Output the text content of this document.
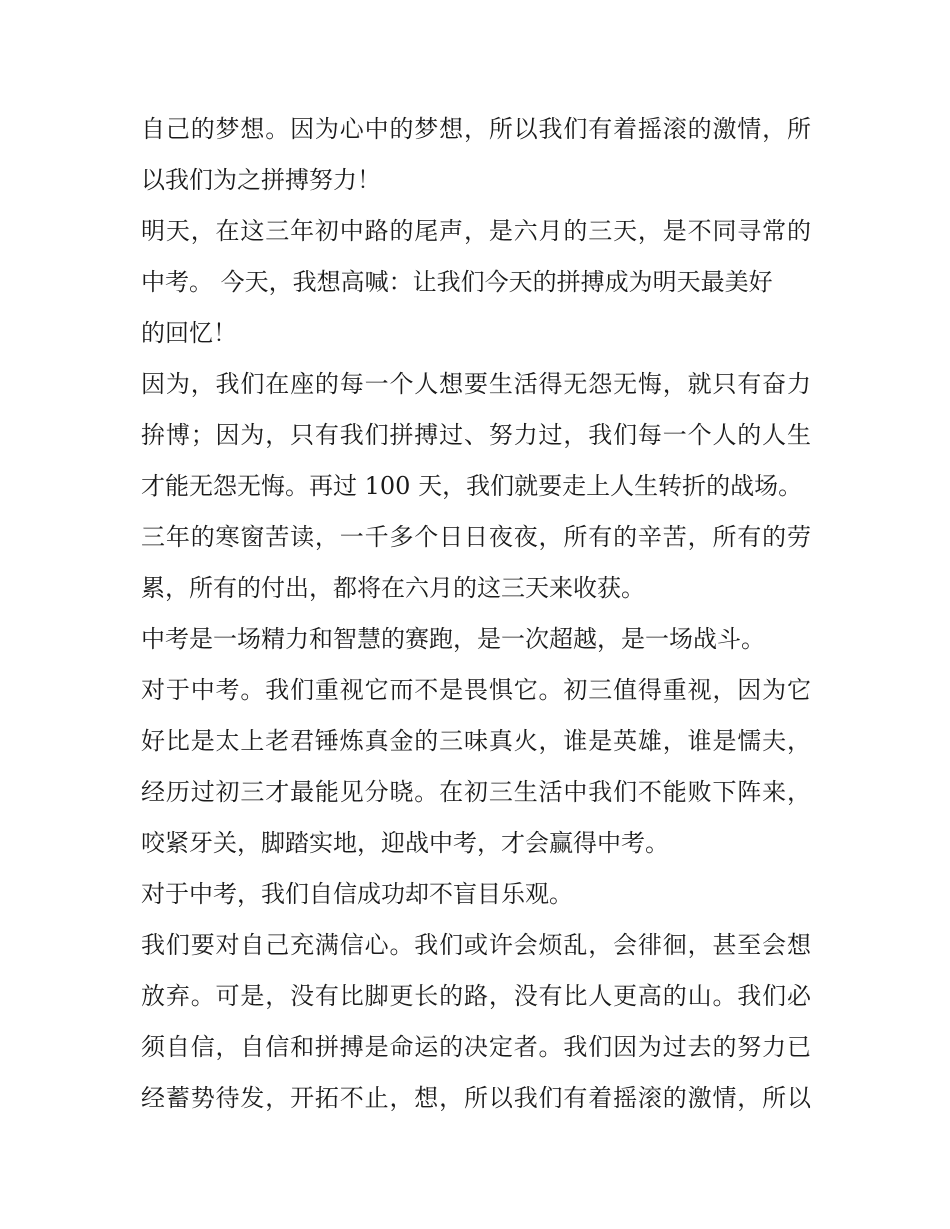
自己的梦想。因为心中的梦想，所以我们有着摇滚的激情，所
以我们为之拼搏努力！
明天，在这三年初中路的尾声，是六月的三天，是不同寻常的
中考。 今天，我想高喊：让我们今天的拼搏成为明天最美好
的回忆！
因为，我们在座的每一个人想要生活得无怨无悔，就只有奋力
拚博；因为，只有我们拼搏过、努力过，我们每一个人的人生
才能无怨无悔。再过 100 天，我们就要走上人生转折的战场。
三年的寒窗苦读，一千多个日日夜夜，所有的辛苦，所有的劳
累，所有的付出，都将在六月的这三天来收获。
中考是一场精力和智慧的赛跑，是一次超越，是一场战斗。
对于中考。我们重视它而不是畏惧它。初三值得重视，因为它
好比是太上老君锤炼真金的三味真火，谁是英雄，谁是懦夫，
经历过初三才最能见分晓。在初三生活中我们不能败下阵来，
咬紧牙关，脚踏实地，迎战中考，才会赢得中考。
对于中考，我们自信成功却不盲目乐观。
我们要对自己充满信心。我们或许会烦乱，会徘徊，甚至会想
放弃。可是，没有比脚更长的路，没有比人更高的山。我们必
须自信，自信和拼搏是命运的决定者。我们因为过去的努力已
经蓄势待发，开拓不止，想，所以我们有着摇滚的激情，所以
